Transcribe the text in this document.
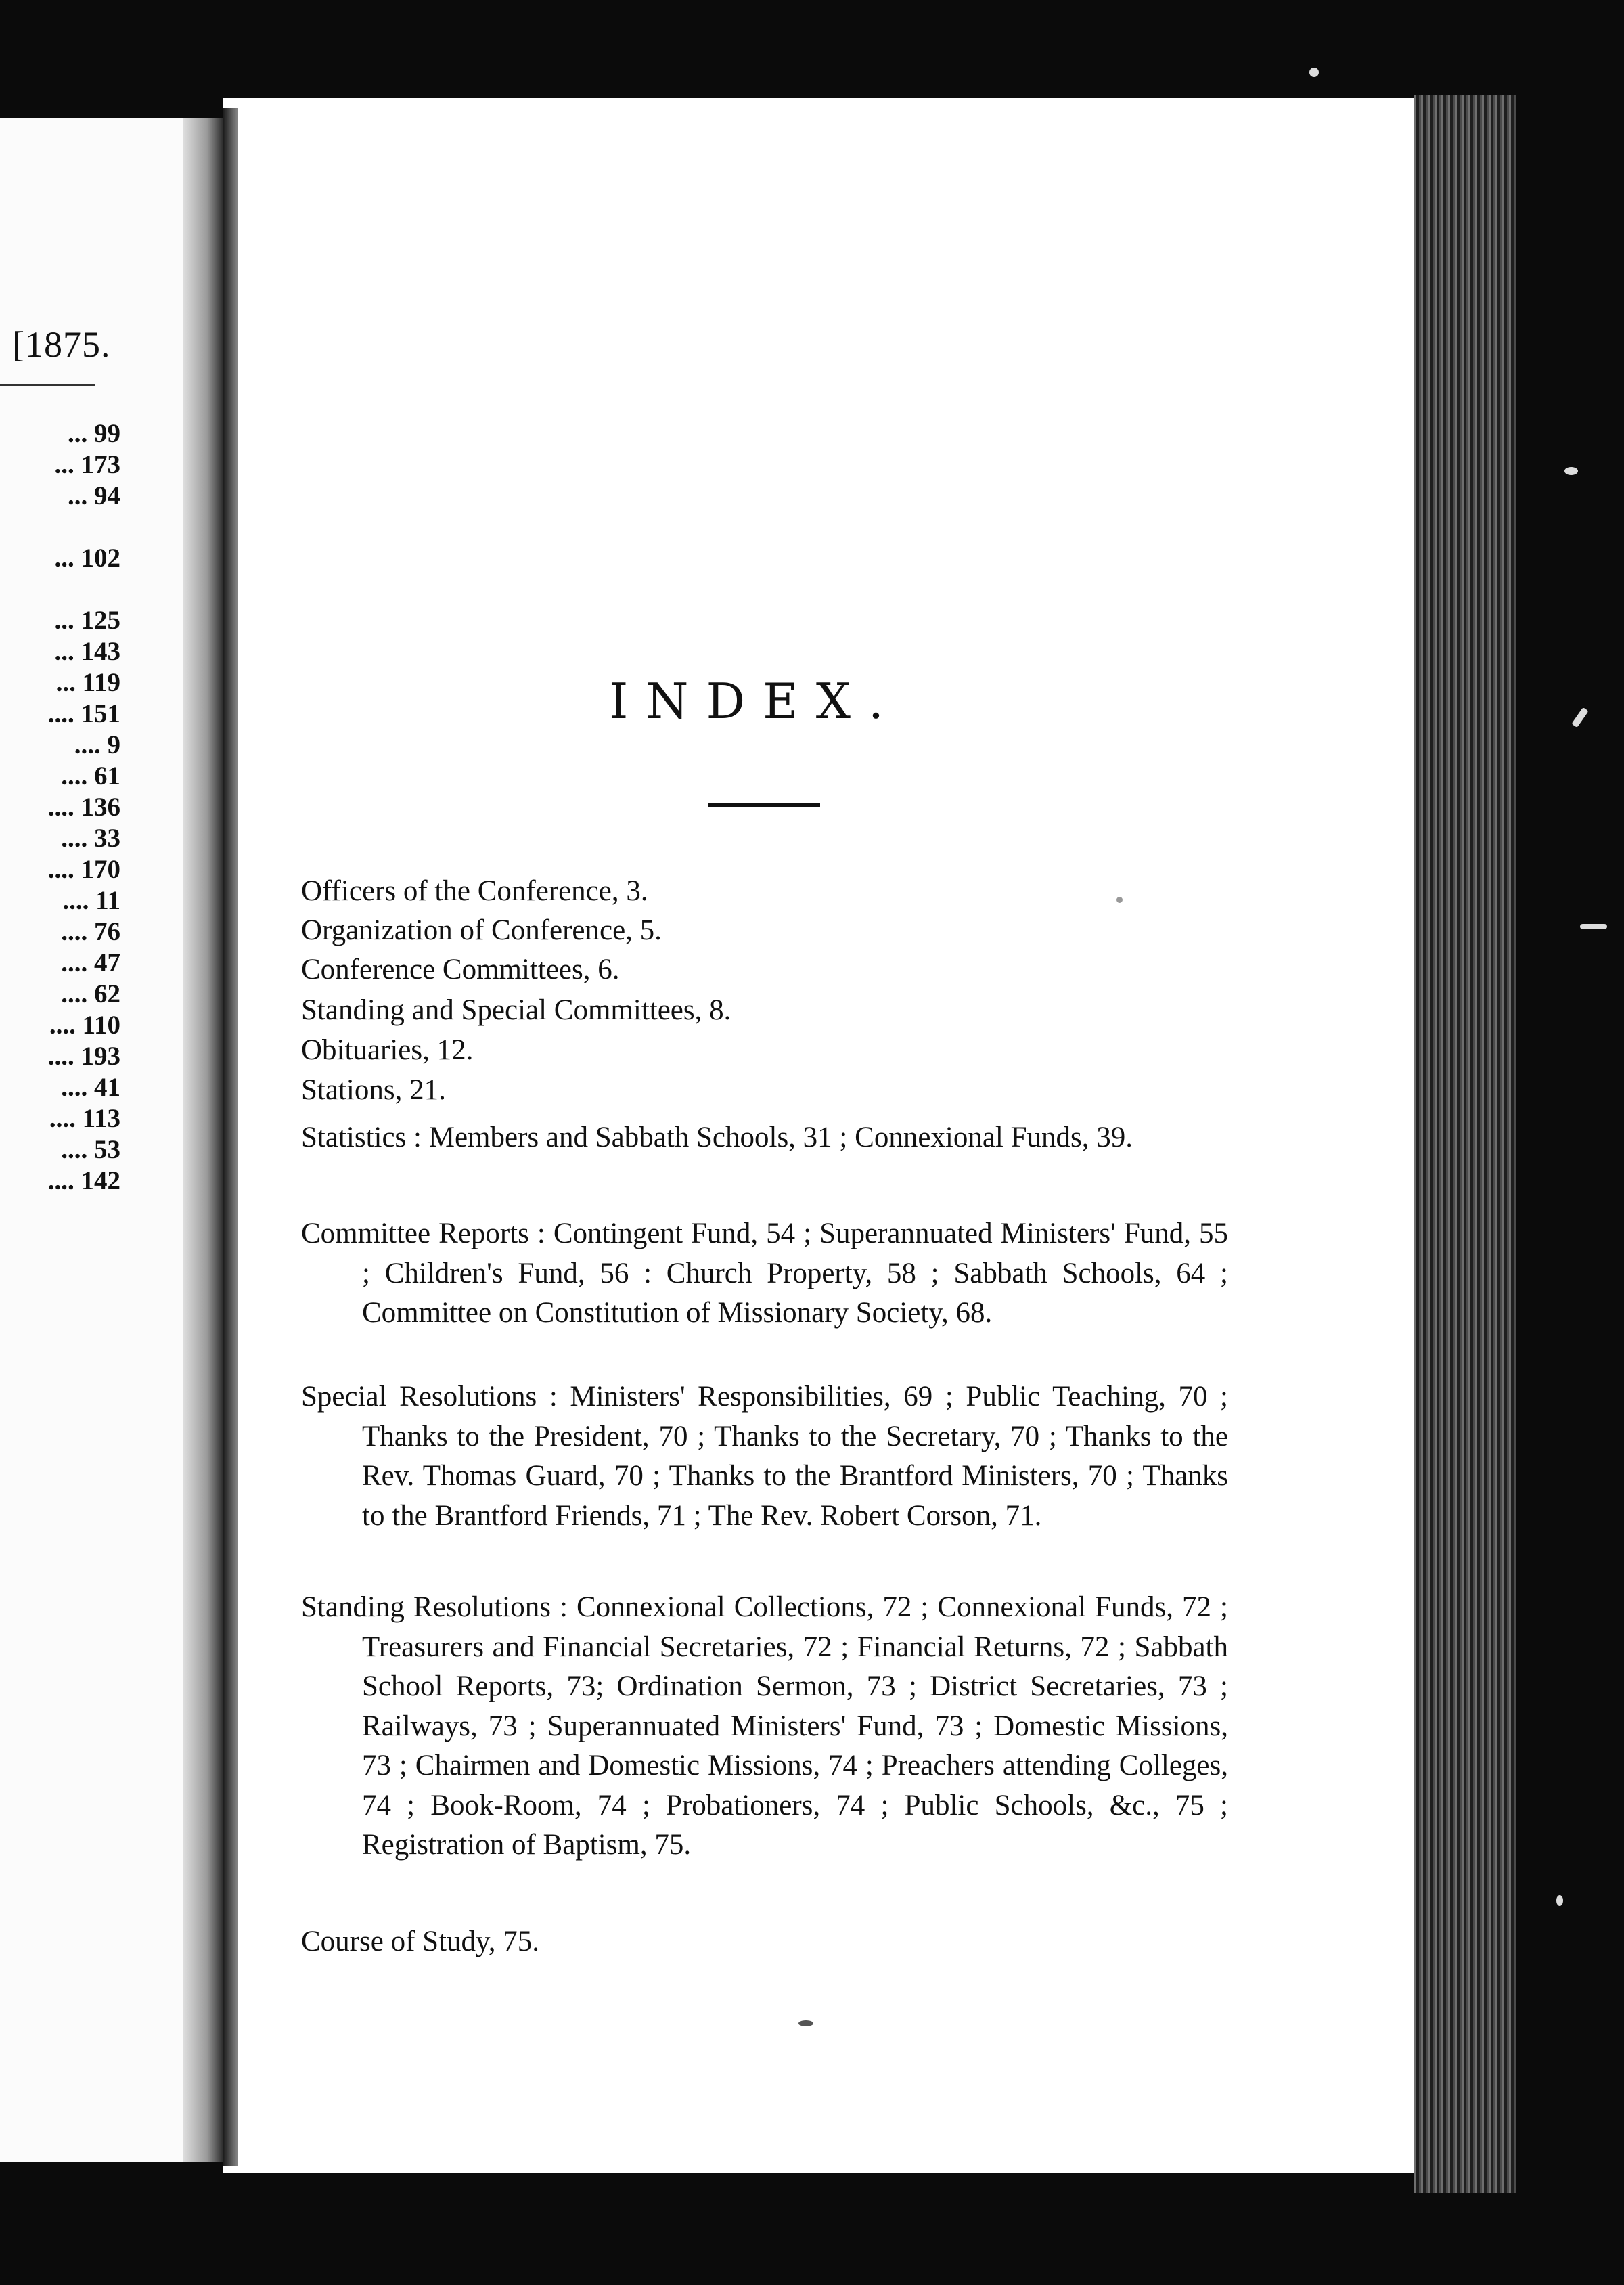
[1875.
... 99
... 173
... 94
... 102
... 125
... 143
... 119
.... 151
.... 9
.... 61
.... 136
.... 33
.... 170
.... 11
.... 76
.... 47
.... 62
.... 110
.... 193
.... 41
.... 113
.... 53
.... 142
INDEX.
Officers of the Conference, 3.
Organization of Conference, 5.
Conference Committees, 6.
Standing and Special Committees, 8.
Obituaries, 12.
Stations, 21.
Statistics : Members and Sabbath Schools, 31 ; Connexional Funds, 39.
Committee Reports : Contingent Fund, 54 ; Superannuated Ministers' Fund, 55 ; Children's Fund, 56 : Church Property, 58 ; Sabbath Schools, 64 ; Committee on Constitution of Missionary Society, 68.
Special Resolutions : Ministers' Responsibilities, 69 ; Public Teaching, 70 ; Thanks to the President, 70 ; Thanks to the Secretary, 70 ; Thanks to the Rev. Thomas Guard, 70 ; Thanks to the Brantford Ministers, 70 ; Thanks to the Brantford Friends, 71 ; The Rev. Robert Corson, 71.
Standing Resolutions : Connexional Collections, 72 ; Connexional Funds, 72 ; Treasurers and Financial Secretaries, 72 ; Financial Returns, 72 ; Sabbath School Reports, 73; Ordination Sermon, 73 ; District Secretaries, 73 ; Railways, 73 ; Superannuated Ministers' Fund, 73 ; Domestic Missions, 73 ; Chairmen and Domestic Missions, 74 ; Preachers attending Colleges, 74 ; Book-Room, 74 ; Probationers, 74 ; Public Schools, &c., 75 ; Registration of Baptism, 75.
Course of Study, 75.
